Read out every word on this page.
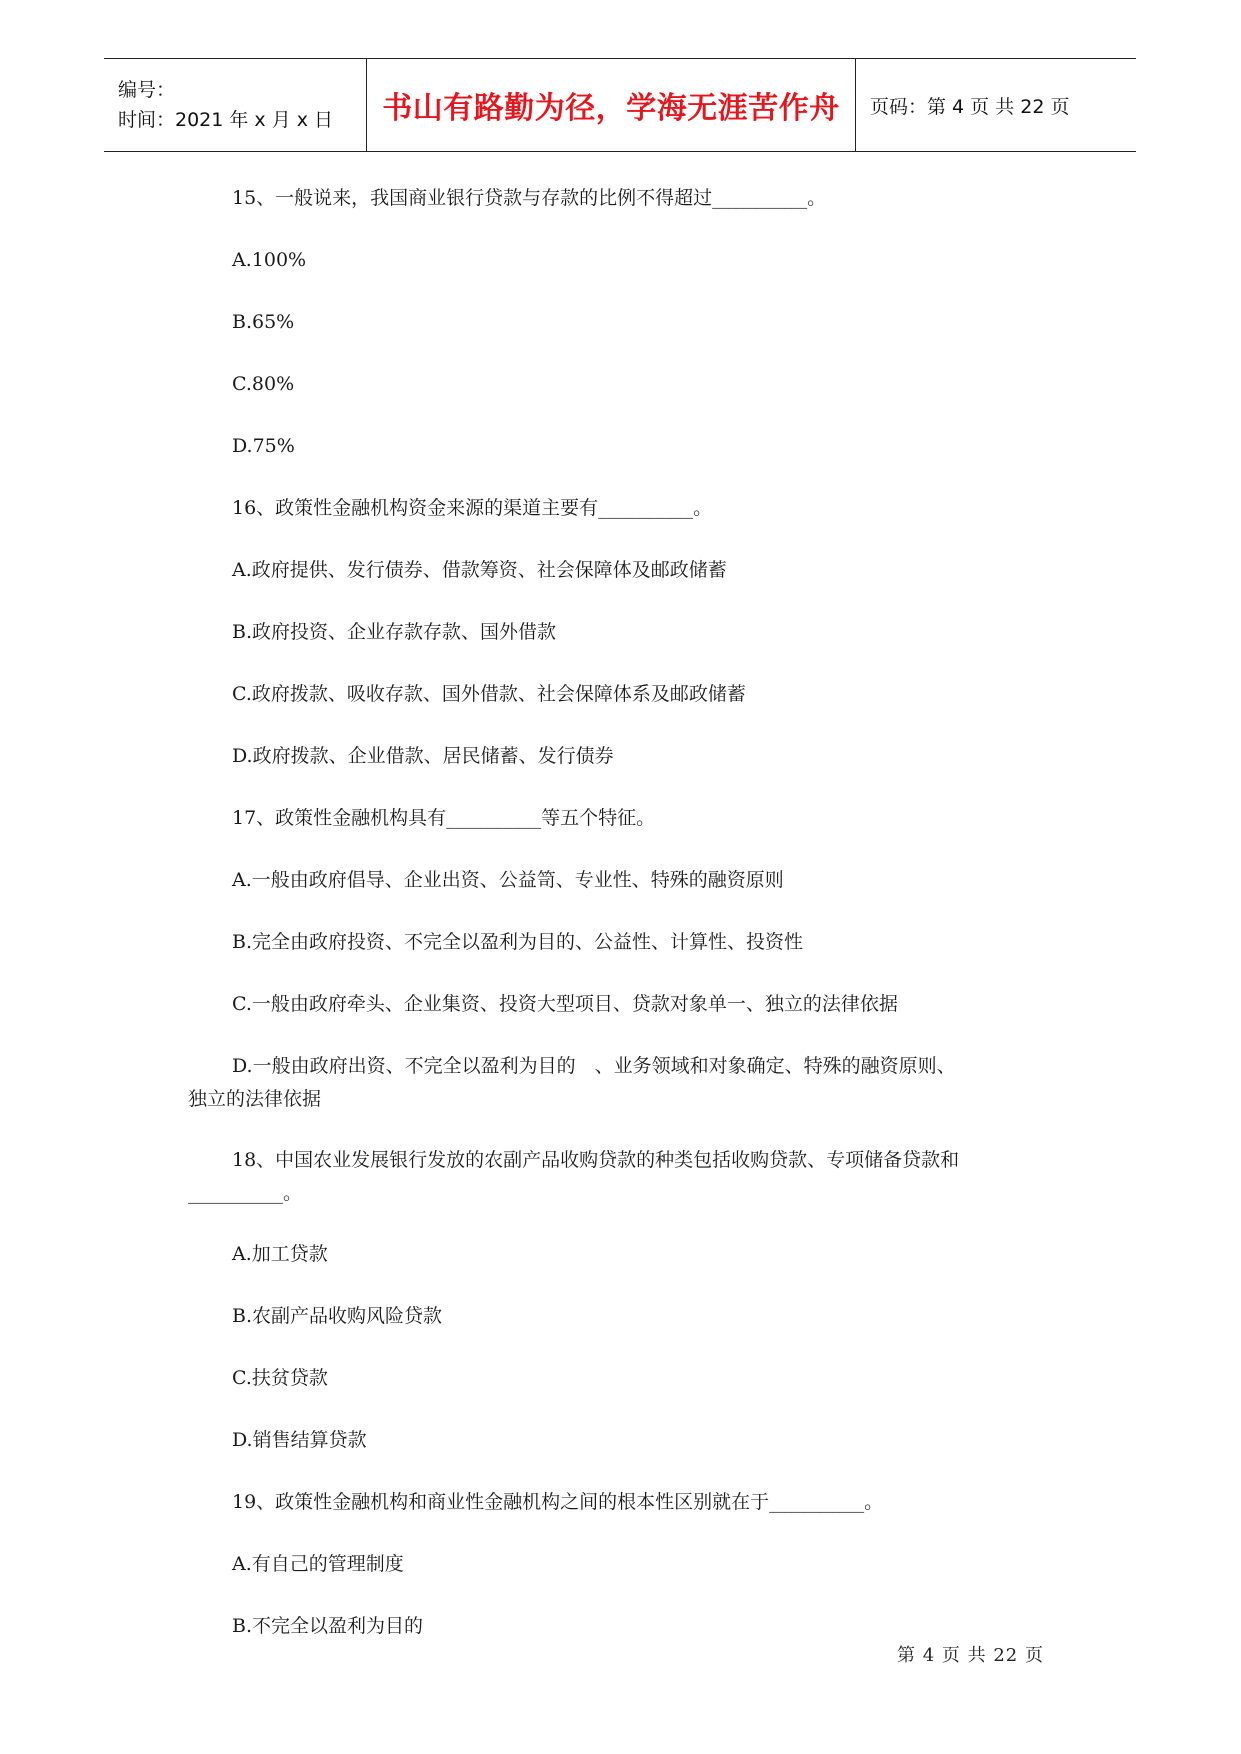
编号：
时间：2021 年 x 月 x 日	书山有路勤为径，学海无涯苦作舟 页码：第 4 页 共 22 页
15、一般说来，我国商业银行贷款与存款的比例不得超过__________。
A.100%
B.65%
C.80%
D.75%
16、政策性金融机构资金来源的渠道主要有__________。
A.政府提供、发行债券、借款筹资、社会保障体及邮政储蓄
B.政府投资、企业存款存款、国外借款
C.政府拨款、吸收存款、国外借款、社会保障体系及邮政储蓄
D.政府拨款、企业借款、居民储蓄、发行债券
17、政策性金融机构具有__________等五个特征。
A.一般由政府倡导、企业出资、公益笥、专业性、特殊的融资原则
B.完全由政府投资、不完全以盈利为目的、公益性、计算性、投资性
C.一般由政府牵头、企业集资、投资大型项目、贷款对象单一、独立的法律依据
D.一般由政府出资、不完全以盈利为目的　、业务领域和对象确定、特殊的融资原则、
独立的法律依据
18、中国农业发展银行发放的农副产品收购贷款的种类包括收购贷款、专项储备贷款和
__________。
A.加工贷款
B.农副产品收购风险贷款
C.扶贫贷款
D.销售结算贷款
19、政策性金融机构和商业性金融机构之间的根本性区别就在于__________。
A.有自己的管理制度
B.不完全以盈利为目的
第 4 页 共 22 页
